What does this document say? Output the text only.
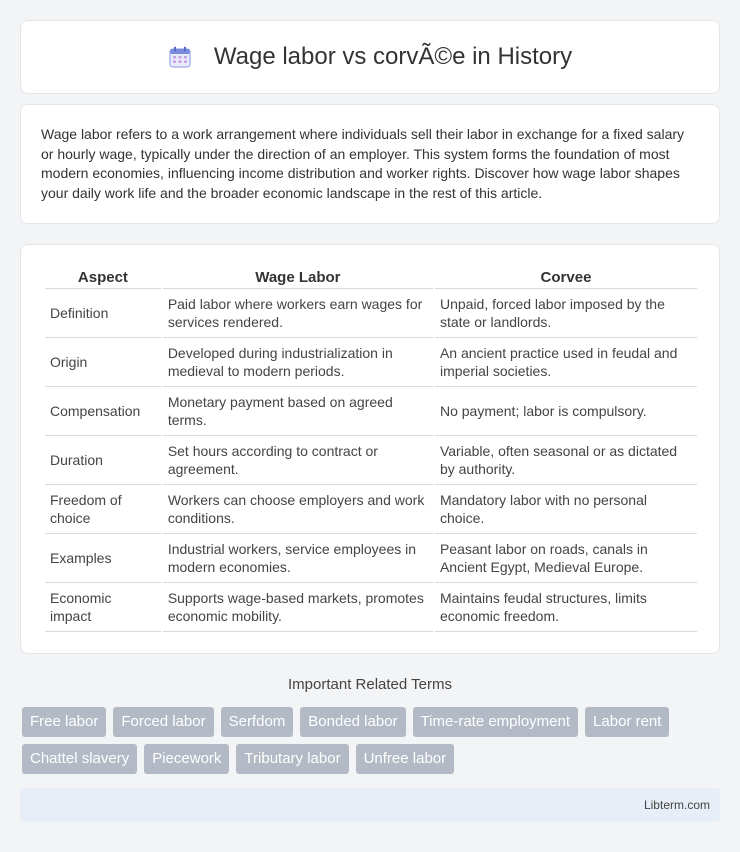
Wage labor vs corvÃ©e in History

Wage labor refers to a work arrangement where individuals sell their labor in exchange for a fixed salary or hourly wage, typically under the direction of an employer. This system forms the foundation of most modern economies, influencing income distribution and worker rights. Discover how wage labor shapes your daily work life and the broader economic landscape in the rest of this article.

Aspect	Wage Labor	Corvee
Definition	Paid labor where workers earn wages for services rendered.	Unpaid, forced labor imposed by the state or landlords.
Origin	Developed during industrialization in medieval to modern periods.	An ancient practice used in feudal and imperial societies.
Compensation	Monetary payment based on agreed terms.	No payment; labor is compulsory.
Duration	Set hours according to contract or agreement.	Variable, often seasonal or as dictated by authority.
Freedom of choice	Workers can choose employers and work conditions.	Mandatory labor with no personal choice.
Examples	Industrial workers, service employees in modern economies.	Peasant labor on roads, canals in Ancient Egypt, Medieval Europe.
Economic impact	Supports wage-based markets, promotes economic mobility.	Maintains feudal structures, limits economic freedom.
Important Related Terms
Free labor	Forced labor	Serfdom	Bonded labor	Time-rate employment	Labor rent
Chattel slavery	Piecework	Tributary labor	Unfree labor
Libterm.com
